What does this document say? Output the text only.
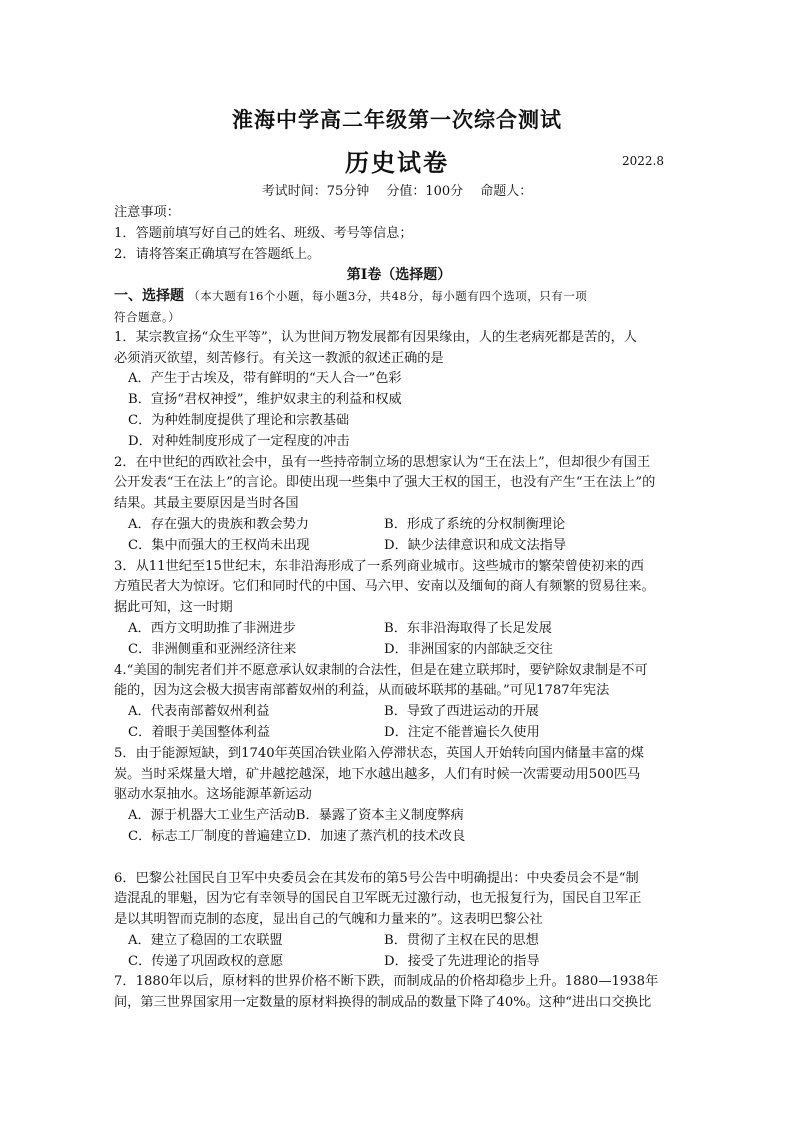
淮海中学高二年级第一次综合测试
历史试卷	2022.8
考试时间：75分钟　 分值：100分　 命题人：
注意事项：
1．答题前填写好自己的姓名、班级、考号等信息；
2．请将答案正确填写在答题纸上。
第Ⅰ卷（选择题）
一、选择题 （本大题有16个小题，每小题3分，共48分，每小题有四个选项，只有一项
符合题意。）
1．某宗教宣扬“众生平等”，认为世间万物发展都有因果缘由，人的生老病死都是苦的，人
必须消灭欲望，刻苦修行。有关这一教派的叙述正确的是
A．产生于古埃及，带有鲜明的“天人合一”色彩
B．宣扬“君权神授”，维护奴隶主的利益和权威
C．为种姓制度提供了理论和宗教基础
D．对种姓制度形成了一定程度的冲击
2．在中世纪的西欧社会中，虽有一些持帝制立场的思想家认为“王在法上”，但却很少有国王
公开发表“王在法上”的言论。即使出现一些集中了强大王权的国王，也没有产生“王在法上”的
结果。其最主要原因是当时各国
A．存在强大的贵族和教会势力	B．形成了系统的分权制衡理论
C．集中而强大的王权尚未出现	D．缺少法律意识和成文法指导
3．从11世纪至15世纪末，东非沿海形成了一系列商业城市。这些城市的繁荣曾使初来的西
方殖民者大为惊讶。它们和同时代的中国、马六甲、安南以及缅甸的商人有频繁的贸易往来。
据此可知，这一时期
A．西方文明助推了非洲进步	B．东非沿海取得了长足发展
C．非洲侧重和亚洲经济往来	D．非洲国家的内部缺乏交往
4.“美国的制宪者们并不愿意承认奴隶制的合法性，但是在建立联邦时，要铲除奴隶制是不可
能的，因为这会极大损害南部蓄奴州的利益，从而破坏联邦的基础。”可见1787年宪法
A．代表南部蓄奴州利益	B．导致了西进运动的开展
C．着眼于美国整体利益	D．注定不能普遍长久使用
5．由于能源短缺，到1740年英国冶铁业陷入停滞状态，英国人开始转向国内储量丰富的煤
炭。当时采煤量大增，矿井越挖越深，地下水越出越多，人们有时候一次需要动用500匹马
驱动水泵抽水。这场能源革新运动
A．源于机器大工业生产活动B．暴露了资本主义制度弊病
C．标志工厂制度的普遍建立D．加速了蒸汽机的技术改良
6．巴黎公社国民自卫军中央委员会在其发布的第5号公告中明确提出：中央委员会不是“制
造混乱的罪魁，因为它有幸领导的国民自卫军既无过激行动，也无报复行为，国民自卫军正
是以其明智而克制的态度，显出自己的气魄和力量来的”。这表明巴黎公社
A．建立了稳固的工农联盟	B．贯彻了主权在民的思想
C．传递了巩固政权的意愿	D．接受了先进理论的指导
7．1880年以后，原材料的世界价格不断下跌，而制成品的价格却稳步上升。1880—1938年
间，第三世界国家用一定数量的原材料换得的制成品的数量下降了40%。这种“进出口交换比
